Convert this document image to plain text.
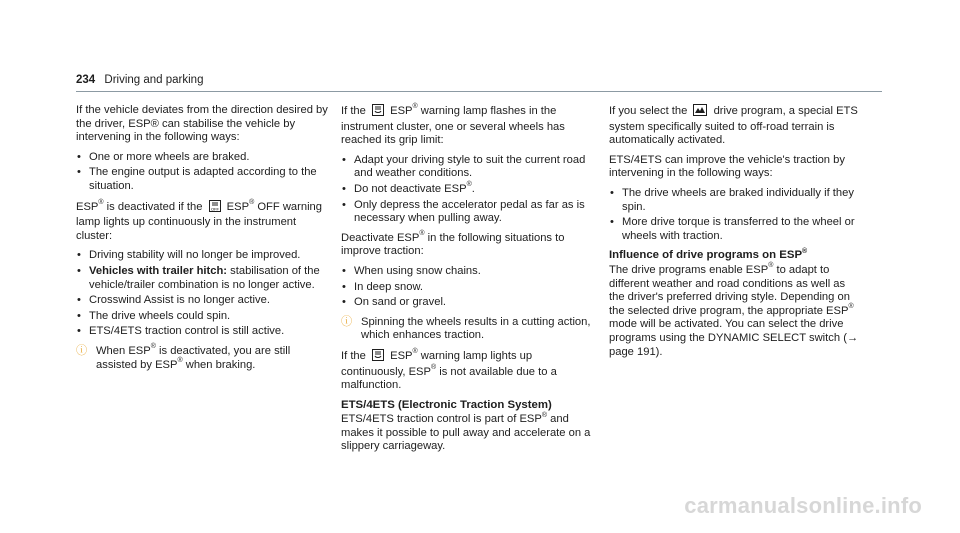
234 Driving and parking

If the vehicle deviates from the direction desired by the driver, ESP® can stabilise the vehicle by intervening in the following ways:

• One or more wheels are braked.
• The engine output is adapted according to the situation.

ESP® is deactivated if the OFF ESP® OFF warning lamp lights up continuously in the instrument cluster:

• Driving stability will no longer be improved.
• Vehicles with trailer hitch: stabilisation of the vehicle/trailer combination is no longer active.
• Crosswind Assist is no longer active.
• The drive wheels could spin.
• ETS/4ETS traction control is still active.
ⓘ When ESP® is deactivated, you are still assisted by ESP® when braking.

If the  ESP® warning lamp flashes in the instrument cluster, one or several wheels has reached its grip limit:

• Adapt your driving style to suit the current road and weather conditions.
• Do not deactivate ESP®.
• Only depress the accelerator pedal as far as is necessary when pulling away.

Deactivate ESP® in the following situations to improve traction:

• When using snow chains.
• In deep snow.
• On sand or gravel.
ⓘ Spinning the wheels results in a cutting action, which enhances traction.

If the  ESP® warning lamp lights up continuously, ESP® is not available due to a malfunction.

ETS/4ETS (Electronic Traction System)

ETS/4ETS traction control is part of ESP® and makes it possible to pull away and accelerate on a slippery carriageway.

If you select the  drive program, a special ETS system specifically suited to off-road terrain is automatically activated.

ETS/4ETS can improve the vehicle's traction by intervening in the following ways:

• The drive wheels are braked individually if they spin.
• More drive torque is transferred to the wheel or wheels with traction.
Influence of drive programs on ESP®

The drive programs enable ESP® to adapt to different weather and road conditions as well as the driver's preferred driving style. Depending on the selected drive program, the appropriate ESP® mode will be activated. You can select the drive programs using the DYNAMIC SELECT switch (→ page 191).

carmanualsonline.info
